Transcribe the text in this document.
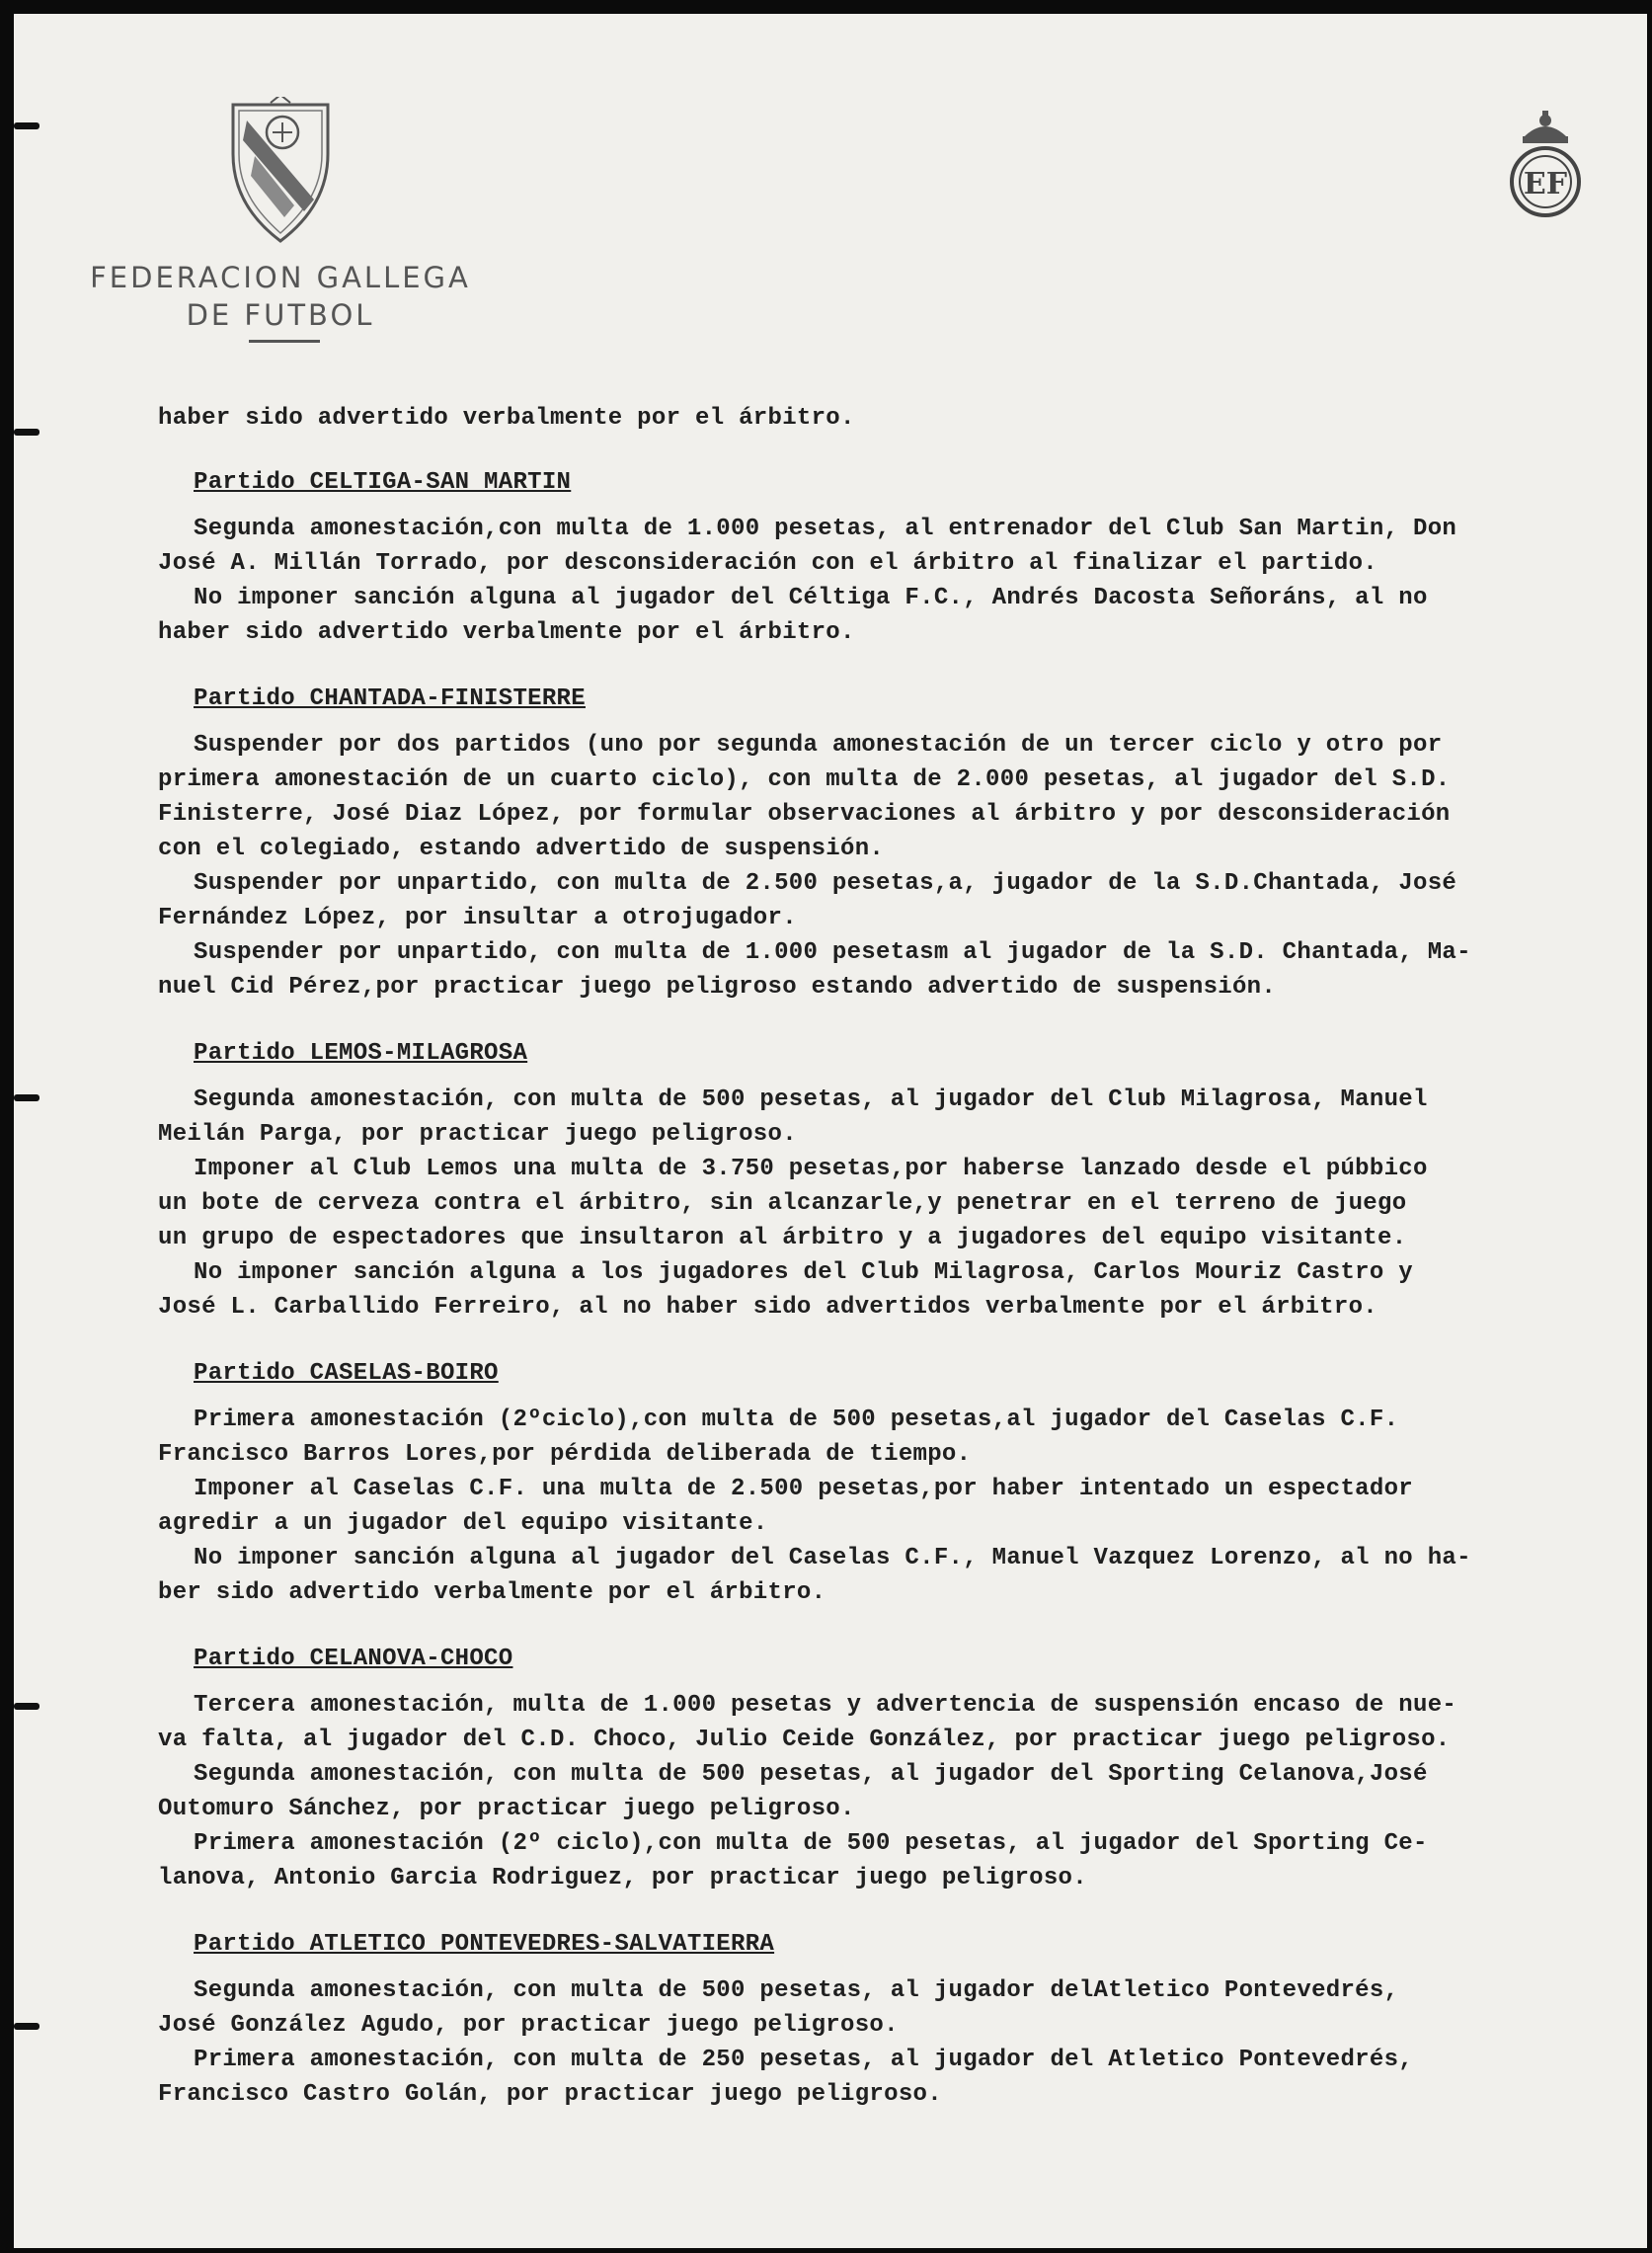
FEDERACION GALLEGA
DE FUTBOL
EF
haber sido advertido verbalmente por el árbitro.
Partido CELTIGA-SAN MARTIN
Segunda amonestación,con multa de 1.000 pesetas, al entrenador del Club San Martin, Don
José A. Millán Torrado, por desconsideración con el árbitro al finalizar el partido.
No imponer sanción alguna al jugador del Céltiga F.C., Andrés Dacosta Señoráns, al no
haber sido advertido verbalmente por el árbitro.
Partido CHANTADA-FINISTERRE
Suspender por dos partidos (uno por segunda amonestación de un tercer ciclo y otro por
primera amonestación de un cuarto ciclo), con multa de 2.000 pesetas, al jugador del S.D.
Finisterre, José Diaz López, por formular observaciones al árbitro y por desconsideración
con el colegiado, estando advertido de suspensión.
Suspender por unpartido, con multa de 2.500 pesetas,a, jugador de la S.D.Chantada, José
Fernández López, por insultar a otrojugador.
Suspender por unpartido, con multa de 1.000 pesetasm al jugador de la S.D. Chantada, Ma-
nuel Cid Pérez,por practicar juego peligroso estando advertido de suspensión.
Partido LEMOS-MILAGROSA
Segunda amonestación, con multa de 500 pesetas, al jugador del Club Milagrosa, Manuel
Meilán Parga, por practicar juego peligroso.
Imponer al Club Lemos una multa de 3.750 pesetas,por haberse lanzado desde el púbbico
un bote de cerveza contra el árbitro, sin alcanzarle,y penetrar en el terreno de juego
un grupo de espectadores que insultaron al árbitro y a jugadores del equipo visitante.
No imponer sanción alguna a los jugadores del Club Milagrosa, Carlos Mouriz Castro y
José L. Carballido Ferreiro, al no haber sido advertidos verbalmente por el árbitro.
Partido CASELAS-BOIRO
Primera amonestación (2ºciclo),con multa de 500 pesetas,al jugador del Caselas C.F.
Francisco Barros Lores,por pérdida deliberada de tiempo.
Imponer al Caselas C.F. una multa de 2.500 pesetas,por haber intentado un espectador
agredir a un jugador del equipo visitante.
No imponer sanción alguna al jugador del Caselas C.F., Manuel Vazquez Lorenzo, al no ha-
ber sido advertido verbalmente por el árbitro.
Partido CELANOVA-CHOCO
Tercera amonestación, multa de 1.000 pesetas y advertencia de suspensión encaso de nue-
va falta, al jugador del C.D. Choco, Julio Ceide González, por practicar juego peligroso.
Segunda amonestación, con multa de 500 pesetas, al jugador del Sporting Celanova,José
Outomuro Sánchez, por practicar juego peligroso.
Primera amonestación (2º ciclo),con multa de 500 pesetas, al jugador del Sporting Ce-
lanova, Antonio Garcia Rodriguez, por practicar juego peligroso.
Partido ATLETICO PONTEVEDRES-SALVATIERRA
Segunda amonestación, con multa de 500 pesetas, al jugador delAtletico Pontevedrés,
José González Agudo, por practicar juego peligroso.
Primera amonestación, con multa de 250 pesetas, al jugador del Atletico Pontevedrés,
Francisco Castro Golán, por practicar juego peligroso.
